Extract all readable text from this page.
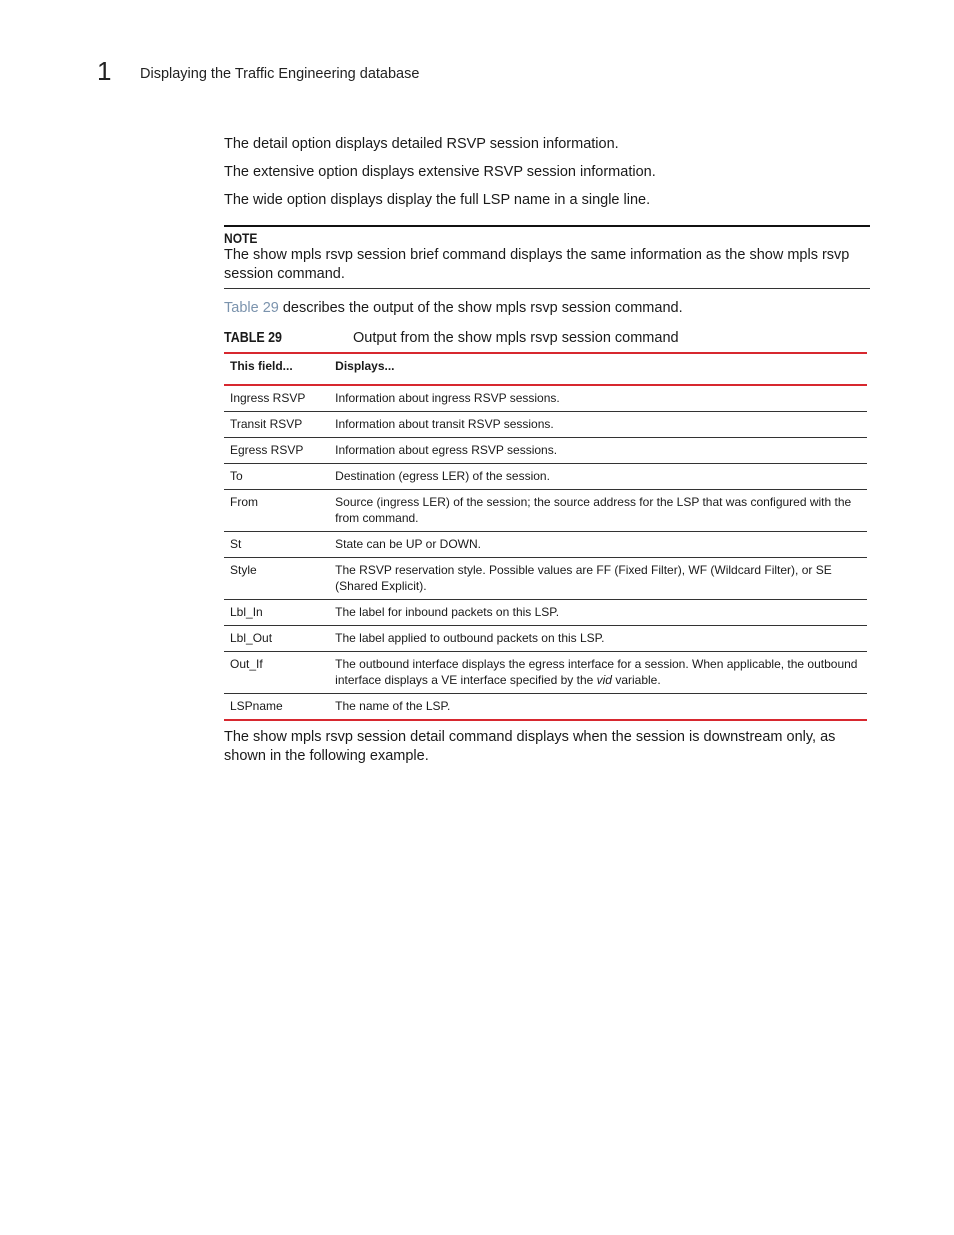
1 Displaying the Traffic Engineering database

The detail option displays detailed RSVP session information.

The extensive option displays extensive RSVP session information.

The wide option displays display the full LSP name in a single line.

NOTE

The show mpls rsvp session brief command displays the same information as the show mpls rsvp session command.

Table 29 describes the output of the show mpls rsvp session command.

TABLE 29	Output from the show mpls rsvp session command
This field...	Displays...
Ingress RSVP	Information about ingress RSVP sessions.
Transit RSVP	Information about transit RSVP sessions.
Egress RSVP	Information about egress RSVP sessions.
To	Destination (egress LER) of the session.
From	Source (ingress LER) of the session; the source address for the LSP that was configured with the from command.
St	State can be UP or DOWN.
Style	The RSVP reservation style. Possible values are FF (Fixed Filter), WF (Wildcard Filter), or SE (Shared Explicit).
Lbl_In	The label for inbound packets on this LSP.
Lbl_Out	The label applied to outbound packets on this LSP.
Out_If	The outbound interface displays the egress interface for a session. When applicable, the outbound interface displays a VE interface specified by the vid variable.
LSPname	The name of the LSP.

The show mpls rsvp session detail command displays when the session is downstream only, as shown in the following example.
